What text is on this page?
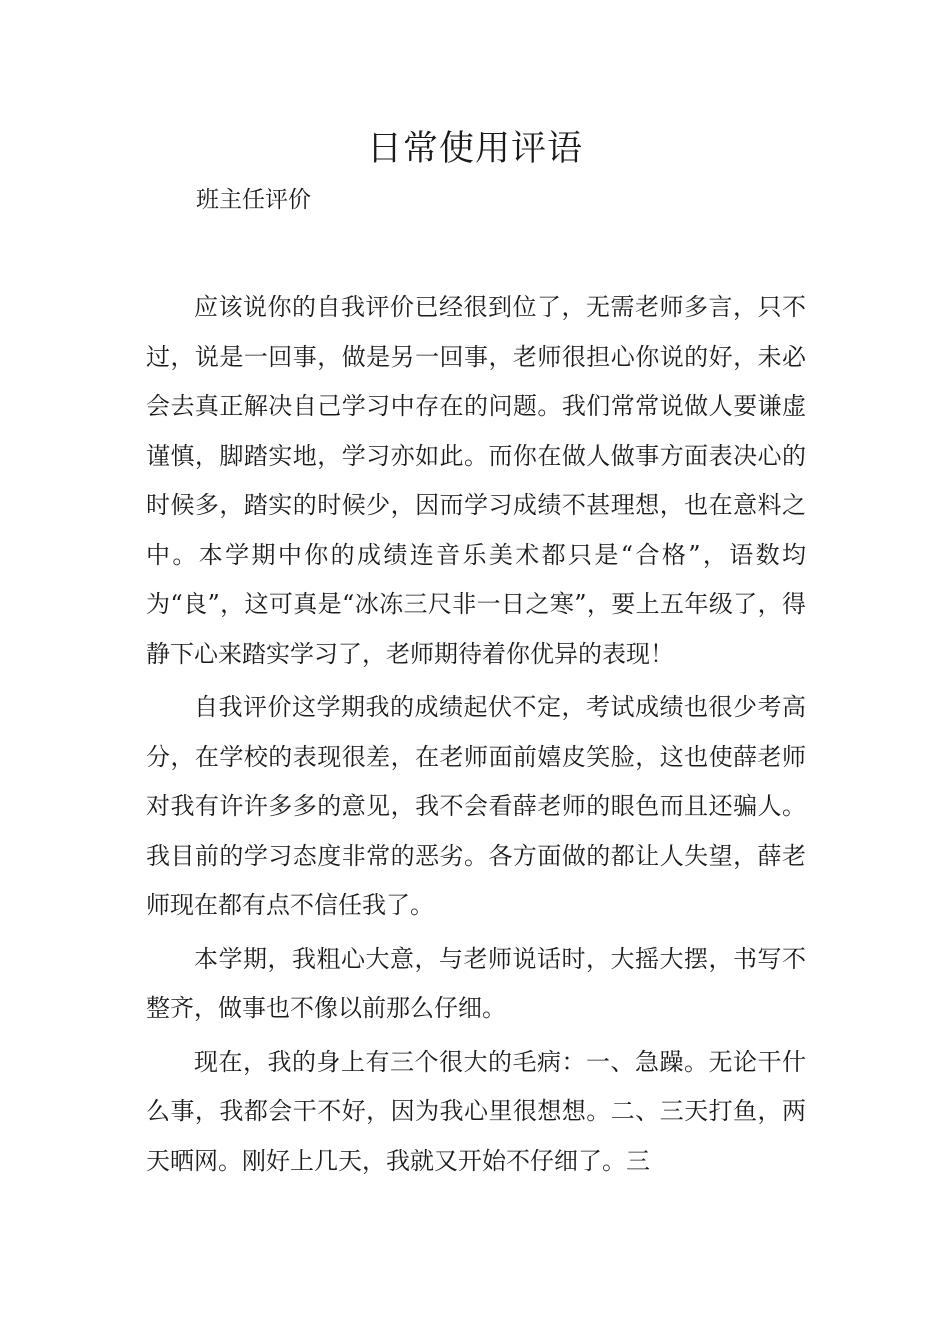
日常使用评语
班主任评价

应该说你的自我评价已经很到位了，无需老师多言，只不过，说是一回事，做是另一回事，老师很担心你说的好，未必会去真正解决自己学习中存在的问题。我们常常说做人要谦虚谨慎，脚踏实地，学习亦如此。而你在做人做事方面表决心的时候多，踏实的时候少，因而学习成绩不甚理想，也在意料之中。本学期中你的成绩连音乐美术都只是“合格”，语数均为“良”，这可真是“冰冻三尺非一日之寒”，要上五年级了，得静下心来踏实学习了，老师期待着你优异的表现！

自我评价这学期我的成绩起伏不定，考试成绩也很少考高分，在学校的表现很差，在老师面前嬉皮笑脸，这也使薛老师对我有许许多多的意见，我不会看薛老师的眼色而且还骗人。我目前的学习态度非常的恶劣。各方面做的都让人失望，薛老师现在都有点不信任我了。

本学期，我粗心大意，与老师说话时，大摇大摆，书写不整齐，做事也不像以前那么仔细。

现在，我的身上有三个很大的毛病：一、急躁。无论干什么事，我都会干不好，因为我心里很想想。二、三天打鱼，两天晒网。刚好上几天，我就又开始不仔细了。三
